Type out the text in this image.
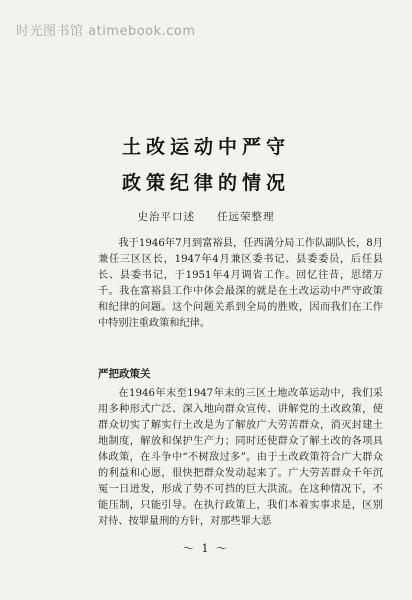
时光图书馆 atimebook.com
土改运动中严守
政策纪律的情况
史治平口述 任远荣整理

我于1946年7月到富裕县，任西满分局工作队副队长，8月兼任三区区长，1947年4月兼区委书记、县委委员，后任县长、县委书记，于1951年4月调省工作。回忆往昔，思绪万千。我在富裕县工作中体会最深的就是在土改运动中严守政策和纪律的问题。这个问题关系到全局的胜败，因而我们在工作中特别注重政策和纪律。

严把政策关

在1946年末至1947年末的三区土地改革运动中，我们采用多种形式广泛、深入地向群众宣传、讲解党的土改政策，使群众切实了解实行土改是为了解放广大劳苦群众，消灭封建土地制度，解放和保护生产力；同时还使群众了解土改的各项具体政策，在斗争中“不树敌过多”。由于土改政策符合广大群众的利益和心愿，很快把群众发动起来了。广大劳苦群众千年沉冤一日迸发，形成了势不可挡的巨大洪流。在这种情况下，不能压制，只能引导。在执行政策上，我们本着实事求是，区别对待、按罪量刑的方针，对那些罪大恶

～ 1 ～
